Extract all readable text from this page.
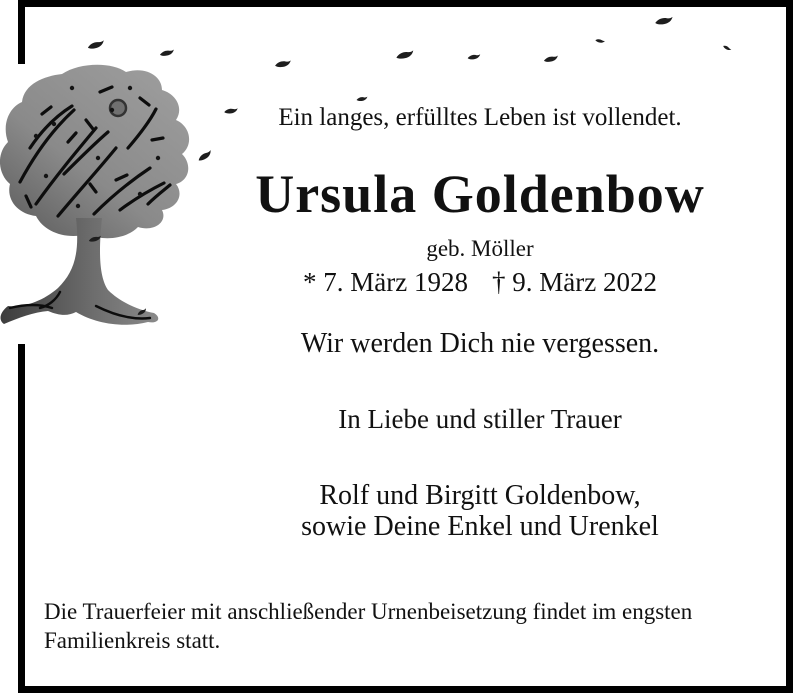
Ein langes, erfülltes Leben ist vollendet.
Ursula Goldenbow
geb. Möller
* 7. März 1928 † 9. März 2022
Wir werden Dich nie vergessen.
In Liebe und stiller Trauer
Rolf und Birgitt Goldenbow,
sowie Deine Enkel und Urenkel
Die Trauerfeier mit anschließender Urnenbeisetzung findet im engsten
Familienkreis statt.
